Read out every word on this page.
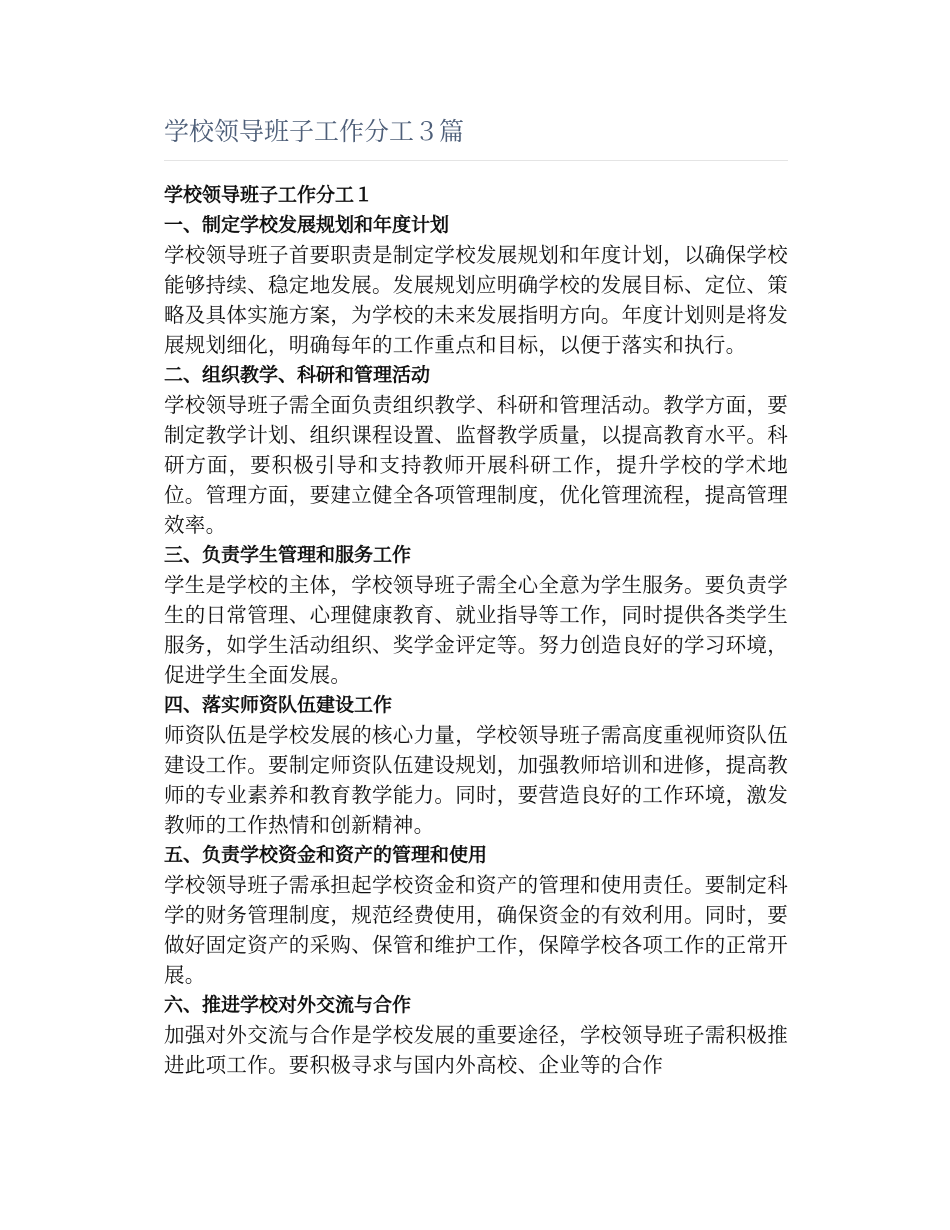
学校领导班子工作分工３篇
学校领导班子工作分工１
一、制定学校发展规划和年度计划

学校领导班子首要职责是制定学校发展规划和年度计划，以确保学校能够持续、稳定地发展。发展规划应明确学校的发展目标、定位、策略及具体实施方案，为学校的未来发展指明方向。年度计划则是将发展规划细化，明确每年的工作重点和目标，以便于落实和执行。

二、组织教学、科研和管理活动

学校领导班子需全面负责组织教学、科研和管理活动。教学方面，要制定教学计划、组织课程设置、监督教学质量，以提高教育水平。科研方面，要积极引导和支持教师开展科研工作，提升学校的学术地位。管理方面，要建立健全各项管理制度，优化管理流程，提高管理效率。

三、负责学生管理和服务工作

学生是学校的主体，学校领导班子需全心全意为学生服务。要负责学生的日常管理、心理健康教育、就业指导等工作，同时提供各类学生服务，如学生活动组织、奖学金评定等。努力创造良好的学习环境，促进学生全面发展。

四、落实师资队伍建设工作

师资队伍是学校发展的核心力量，学校领导班子需高度重视师资队伍建设工作。要制定师资队伍建设规划，加强教师培训和进修，提高教师的专业素养和教育教学能力。同时，要营造良好的工作环境，激发教师的工作热情和创新精神。

五、负责学校资金和资产的管理和使用

学校领导班子需承担起学校资金和资产的管理和使用责任。要制定科学的财务管理制度，规范经费使用，确保资金的有效利用。同时，要做好固定资产的采购、保管和维护工作，保障学校各项工作的正常开展。

六、推进学校对外交流与合作

加强对外交流与合作是学校发展的重要途径，学校领导班子需积极推进此项工作。要积极寻求与国内外高校、企业等的合作
